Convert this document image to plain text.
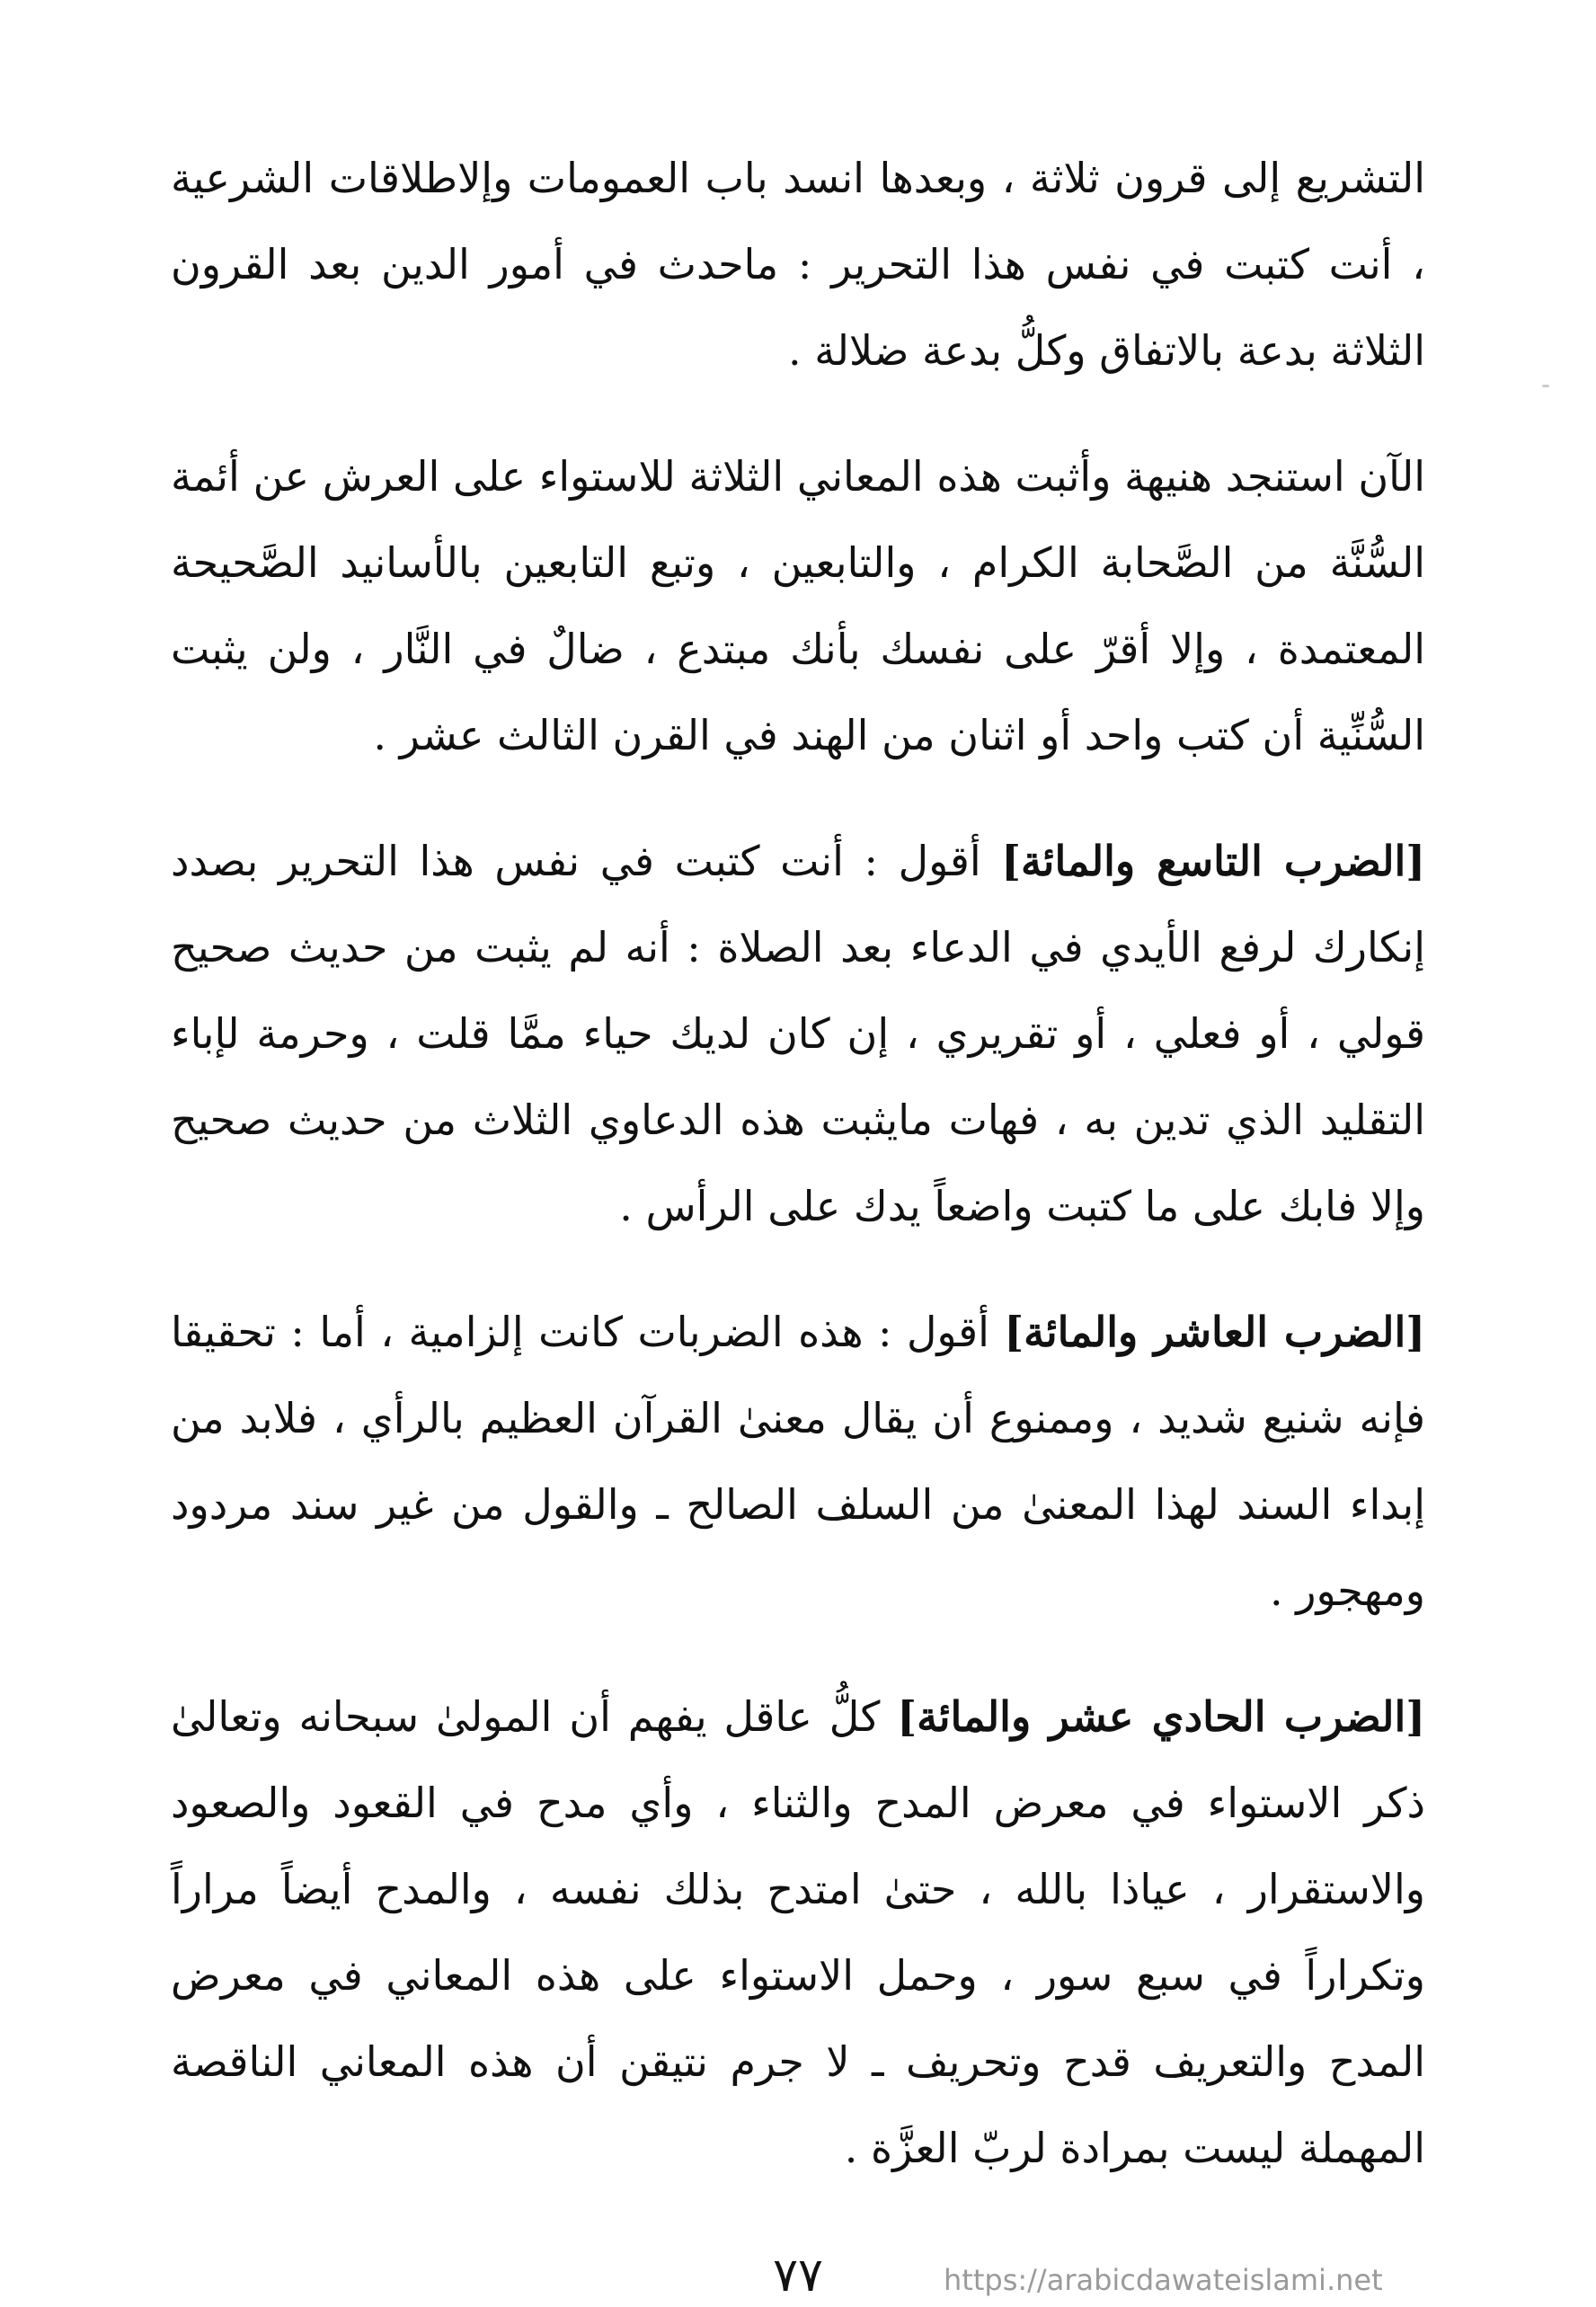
التشريع إلى قرون ثلاثة ، وبعدها انسد باب العمومات وإلاطلاقات الشرعية ، أنت كتبت في نفس هذا التحرير : ماحدث في أمور الدين بعد القرون الثلاثة بدعة بالاتفاق وكلُّ بدعة ضلالة .

الآن استنجد هنيهة وأثبت هذه المعاني الثلاثة للاستواء على العرش عن أئمة السُّنَّة من الصَّحابة الكرام ، والتابعين ، وتبع التابعين بالأسانيد الصَّحيحة المعتمدة ، وإلا أقرّ على نفسك بأنك مبتدع ، ضالٌ في النَّار ، ولن يثبت السُّنِّية أن كتب واحد أو اثنان من الهند في القرن الثالث عشر .

[الضرب التاسع والمائة] أقول : أنت كتبت في نفس هذا التحرير بصدد إنكارك لرفع الأيدي في الدعاء بعد الصلاة : أنه لم يثبت من حديث صحيح قولي ، أو فعلي ، أو تقريري ، إن كان لديك حياء ممَّا قلت ، وحرمة لإباء التقليد الذي تدين به ، فهات مايثبت هذه الدعاوي الثلاث من حديث صحيح وإلا فابك على ما كتبت واضعاً يدك على الرأس .

[الضرب العاشر والمائة] أقول : هذه الضربات كانت إلزامية ، أما : تحقيقا فإنه شنيع شديد ، وممنوع أن يقال معنىٰ القرآن العظيم بالرأي ، فلابد من إبداء السند لهذا المعنىٰ من السلف الصالح ـ والقول من غير سند مردود ومهجور .

[الضرب الحادي عشر والمائة] كلُّ عاقل يفهم أن المولىٰ سبحانه وتعالىٰ ذكر الاستواء في معرض المدح والثناء ، وأي مدح في القعود والصعود والاستقرار ، عياذا بالله ، حتىٰ امتدح بذلك نفسه ، والمدح أيضاً مراراً وتكراراً في سبع سور ، وحمل الاستواء على هذه المعاني في معرض المدح والتعريف قدح وتحريف ـ لا جرم نتيقن أن هذه المعاني الناقصة المهملة ليست بمرادة لربّ العزَّة .

٧٧	https://arabicdawateislami.net
